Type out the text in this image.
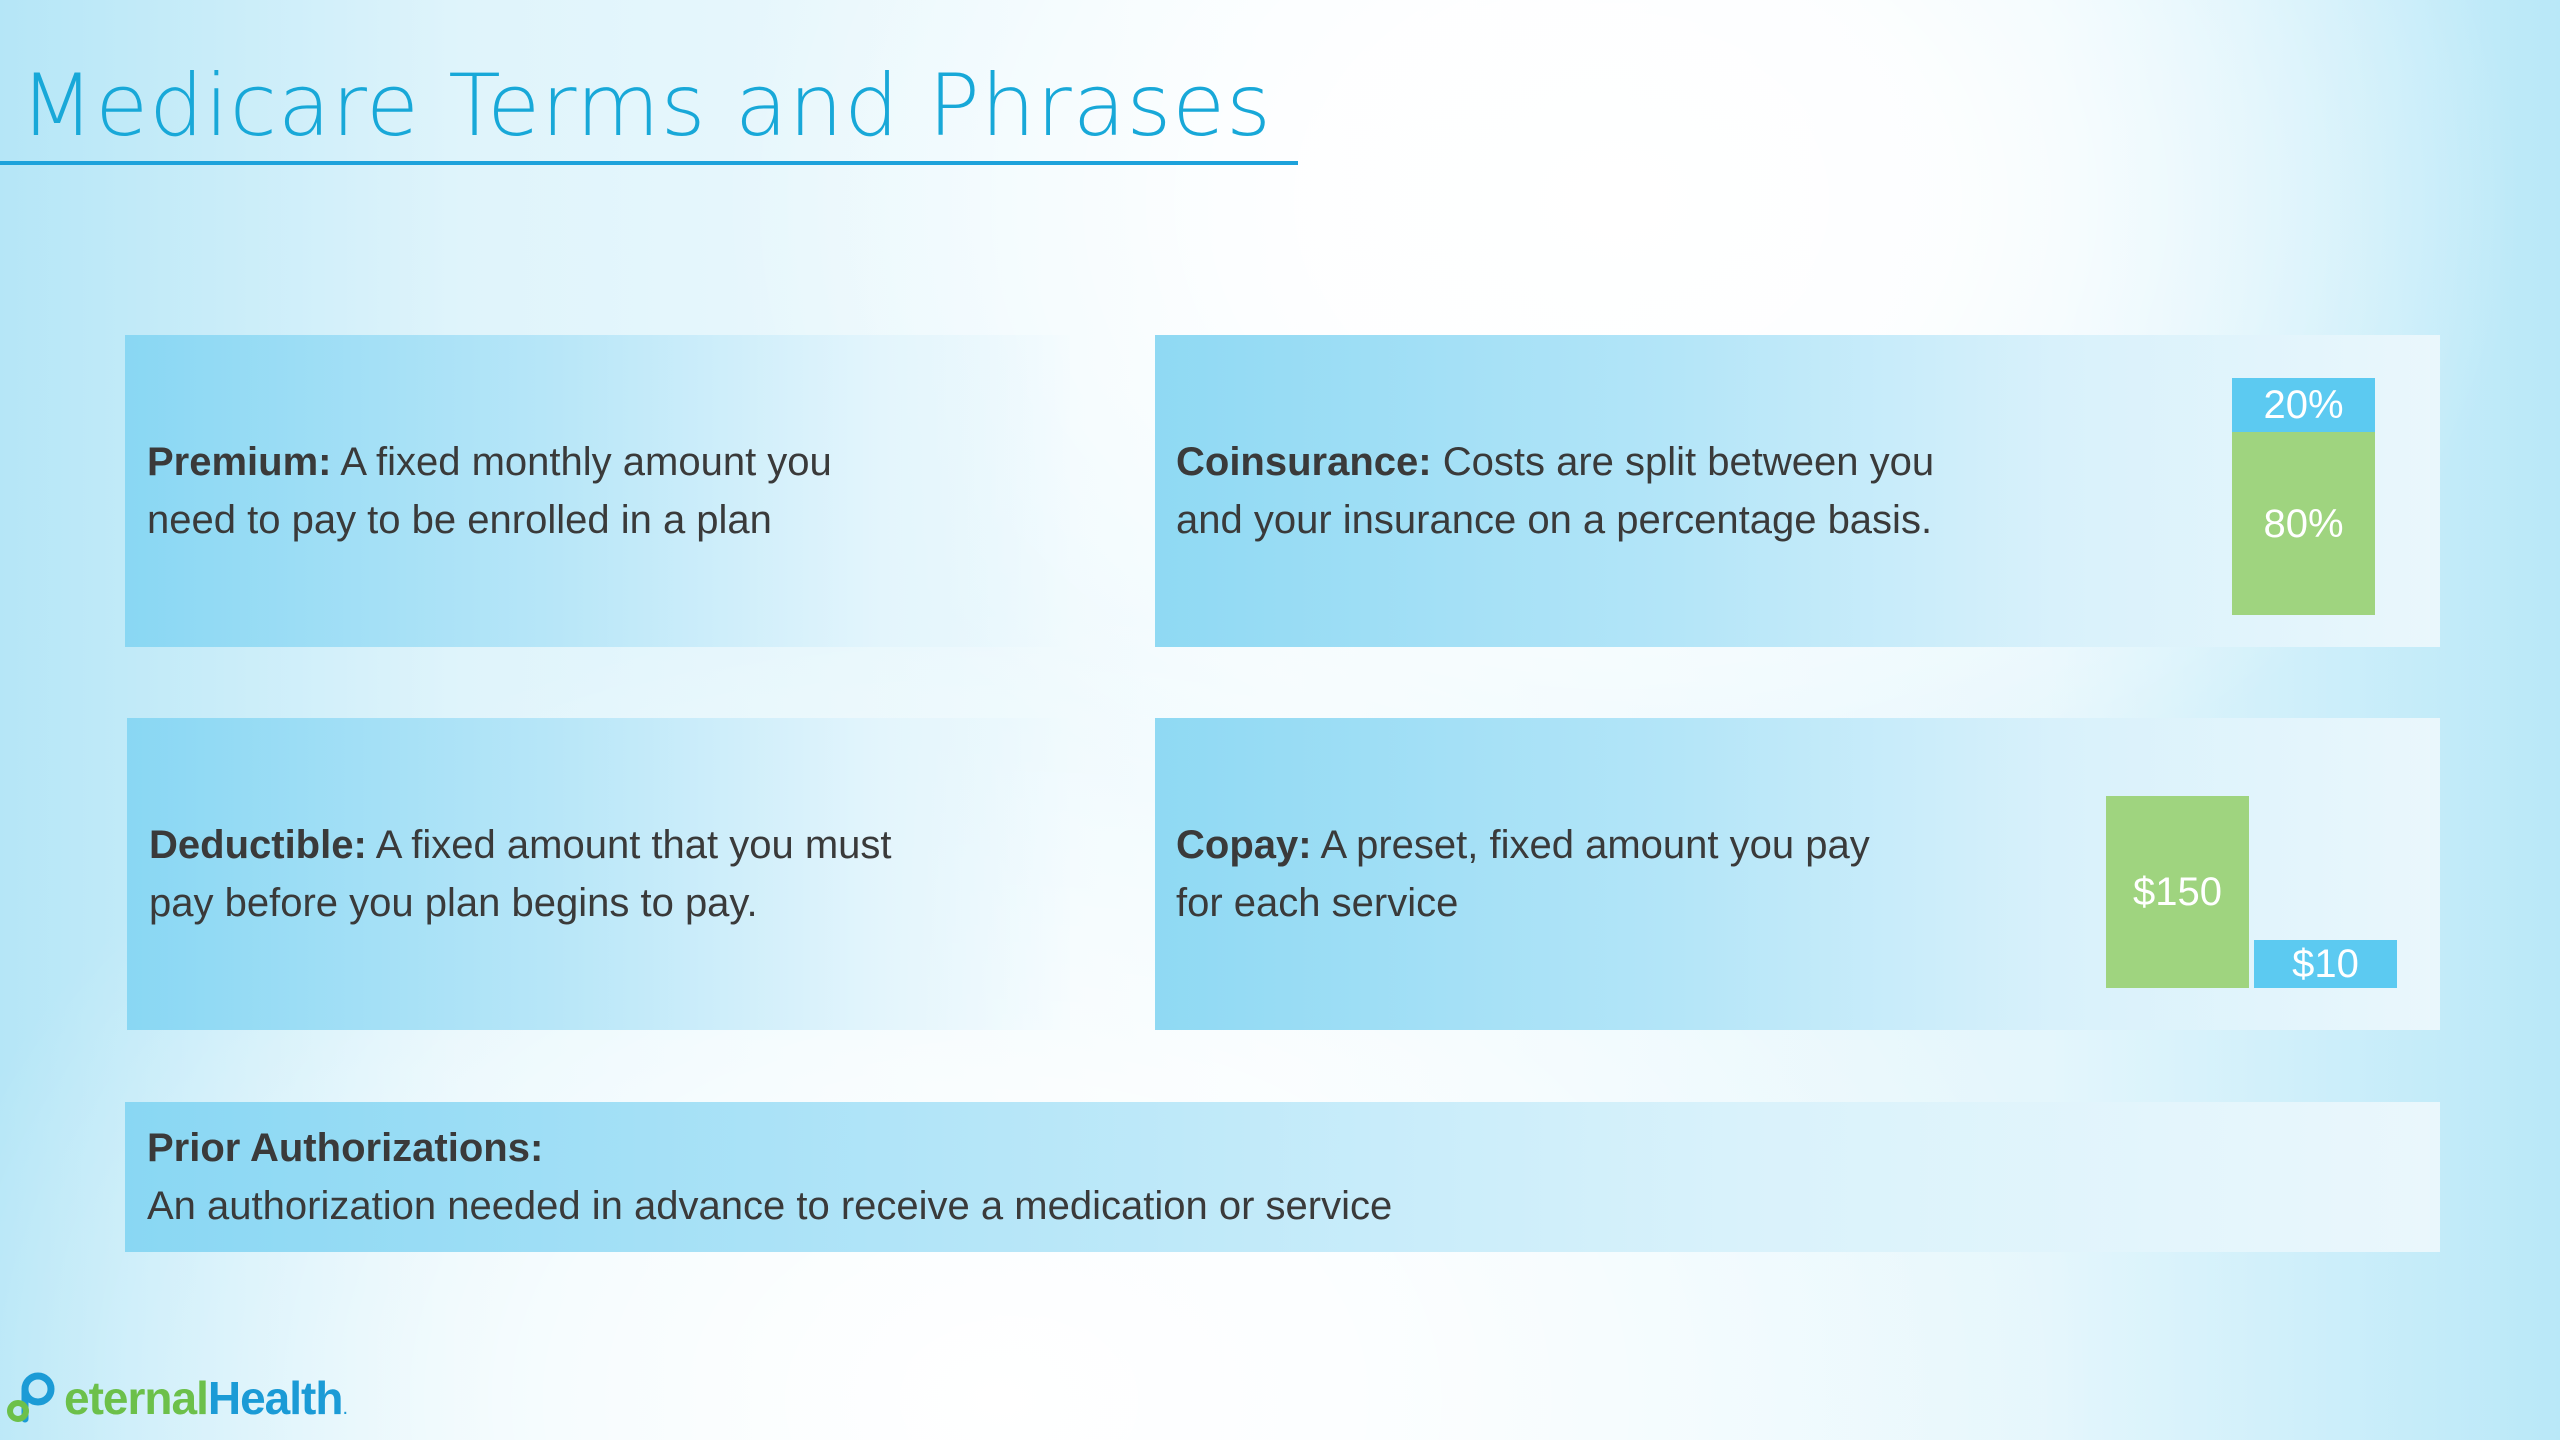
Medicare Terms and Phrases
Premium: A fixed monthly amount you need to pay to be enrolled in a plan
Coinsurance: Costs are split between you and your insurance on a percentage basis.
20%
80%
Deductible: A fixed amount that you must pay before you plan begins to pay.
Copay: A preset, fixed amount you pay for each service	$150
$10
Prior Authorizations:
An authorization needed in advance to receive a medication or service
eternalHealth.
